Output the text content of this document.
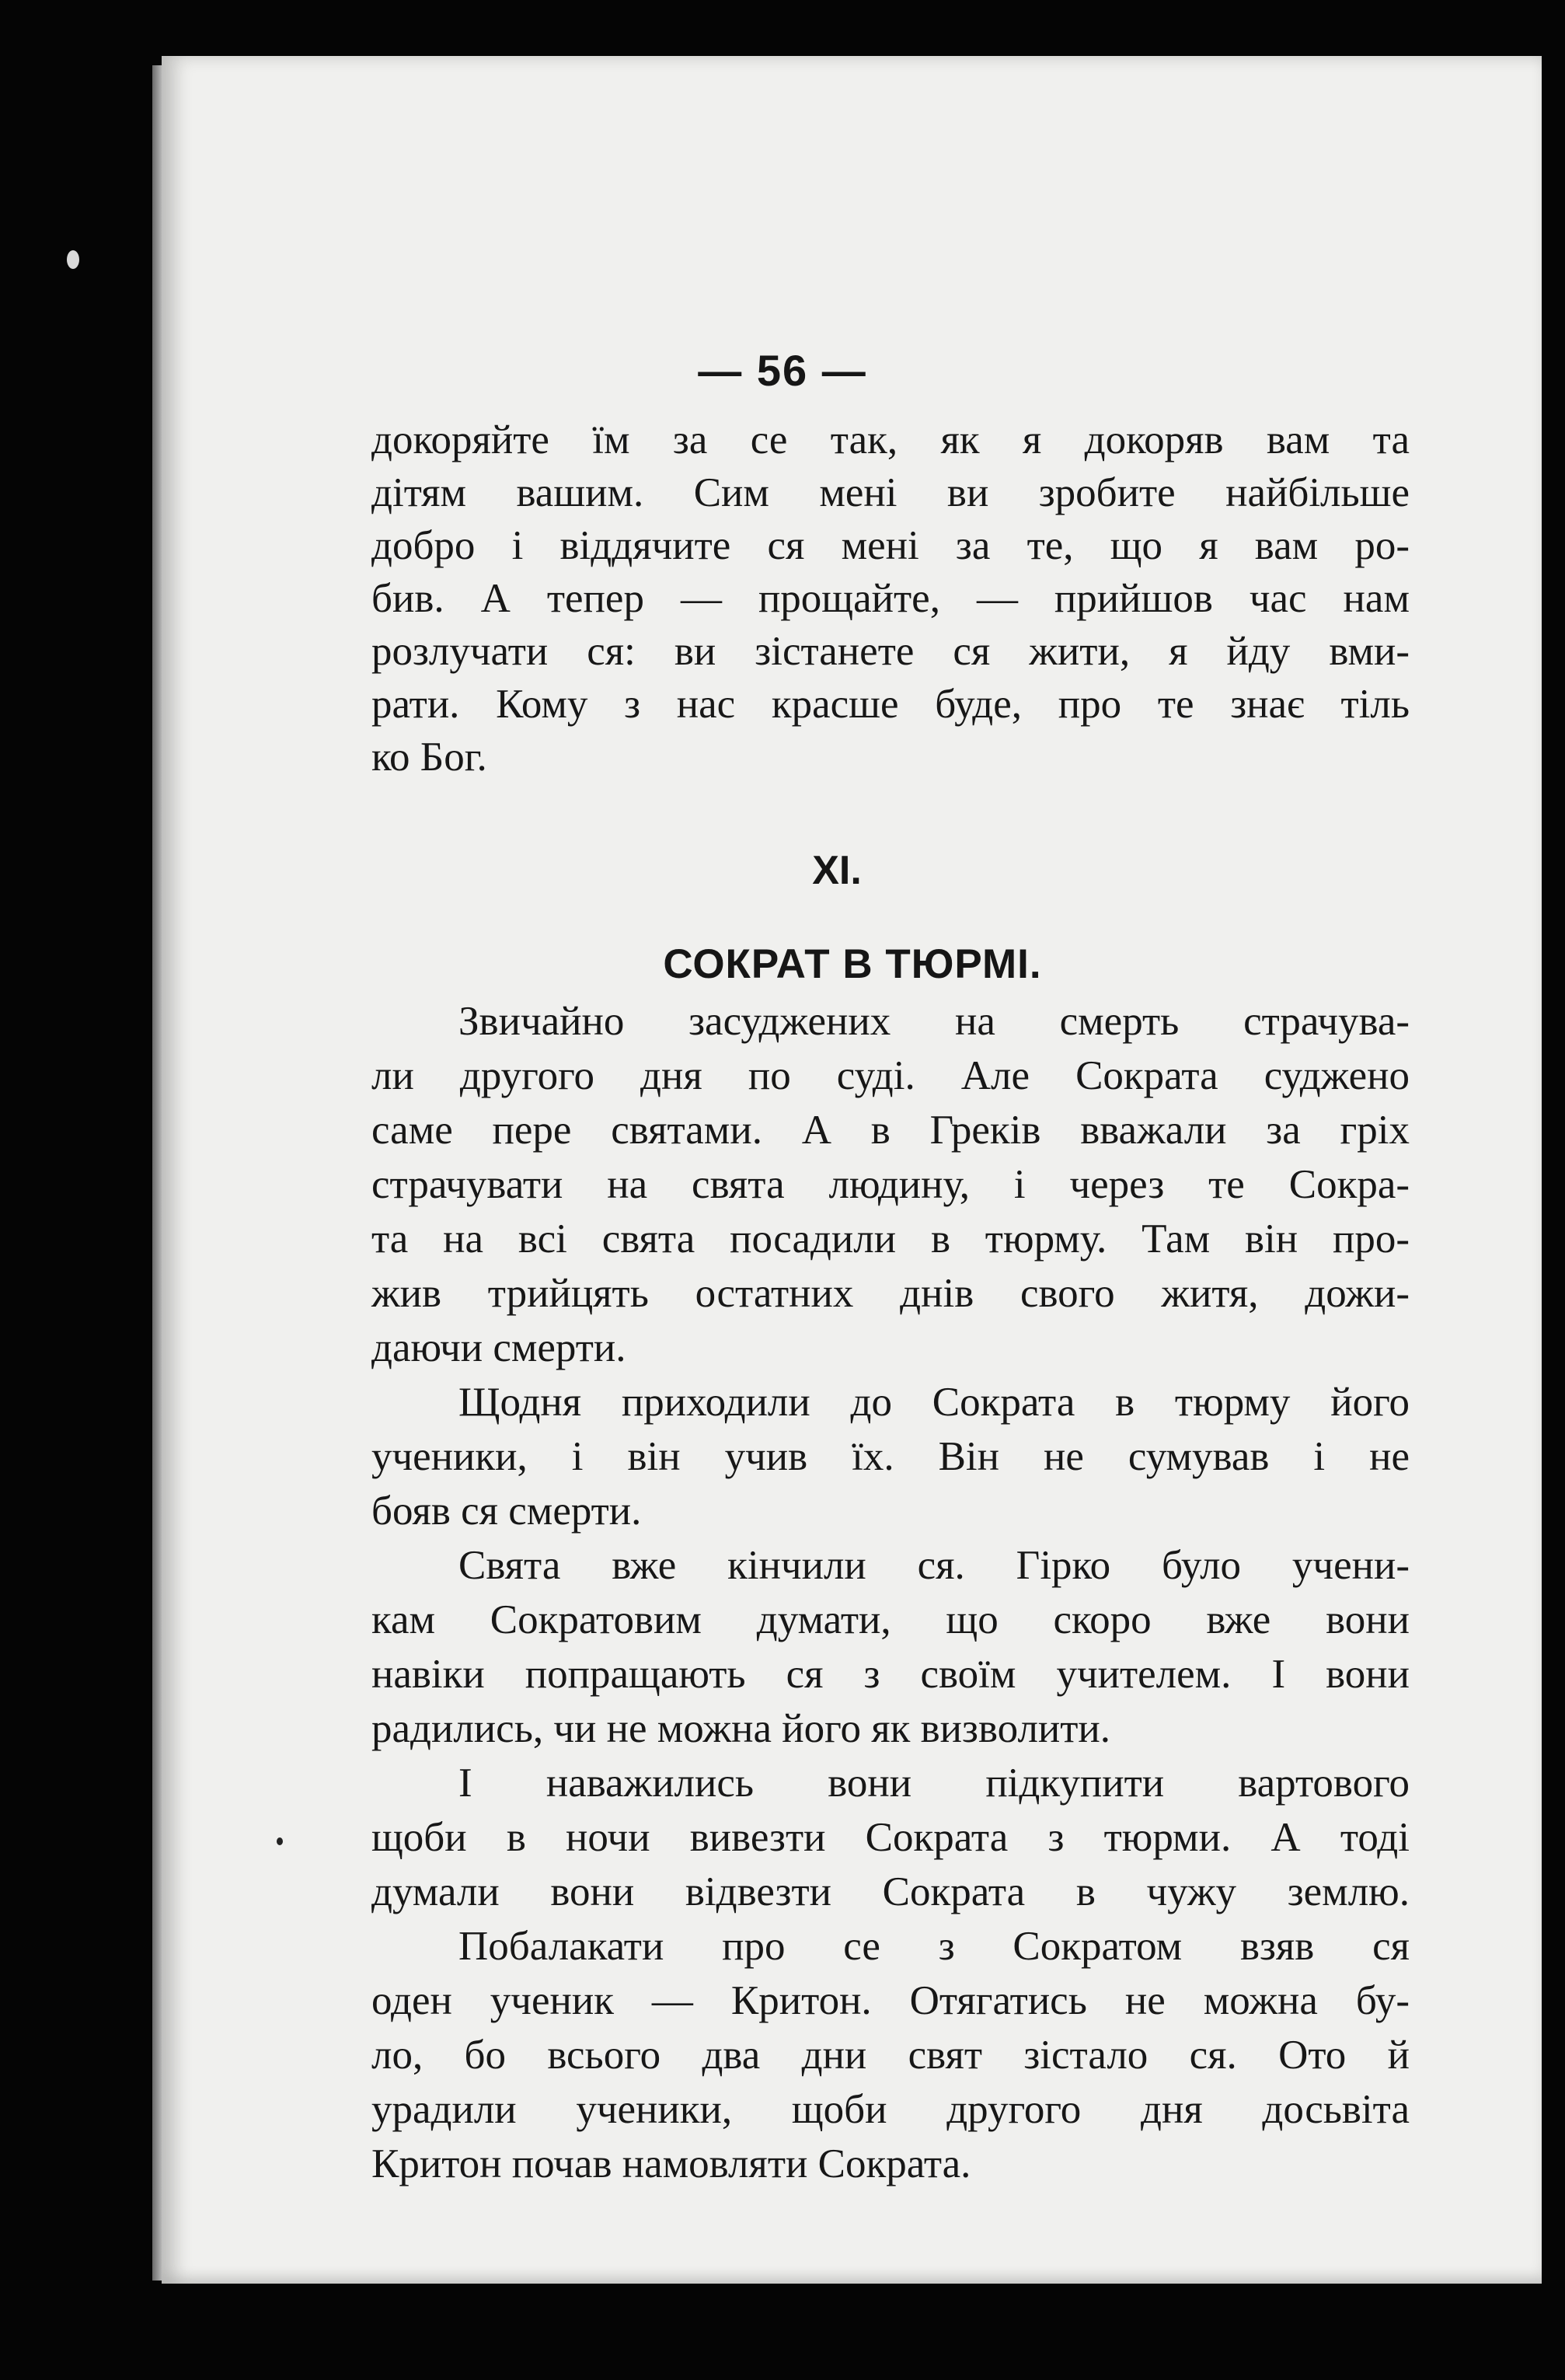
— 56 —
докоряйте їм за се так, як я докоряв вам та
дітям вашим. Сим мені ви зробите найбільше
добро і віддячите ся мені за те, що я вам ро-
бив. А тепер — прощайте, — прийшов час нам
розлучати ся: ви зістанете ся жити, я йду вми-
рати. Кому з нас красше буде, про те знає тіль
ко Бог.
XI.
СОКРАТ В ТЮРМІ.
Звичайно засуджених на смерть страчува-
ли другого дня по суді. Але Сократа суджено
саме пере святами. А в Греків вважали за гріх
страчувати на свята людину, і через те Сокра-
та на всі свята посадили в тюрму. Там він про-
жив трийцять остатних днів свого житя, дожи-
даючи смерти.
Щодня приходили до Сократа в тюрму його
ученики, і він учив їх. Він не сумував і не
бояв ся смерти.
Свята вже кінчили ся. Гірко було учени-
кам Сократовим думати, що скоро вже вони
навіки попращають ся з своїм учителем. І вони
радились, чи не можна його як визволити.
І наважились вони підкупити вартового
щоби в ночи вивезти Сократа з тюрми. А тоді
думали вони відвезти Сократа в чужу землю.
Побалакати про се з Сократом взяв ся
оден ученик — Критон. Отягатись не можна бу-
ло, бо всього два дни свят зістало ся. Ото й
урадили ученики, щоби другого дня досьвіта
Критон почав намовляти Сократа.
